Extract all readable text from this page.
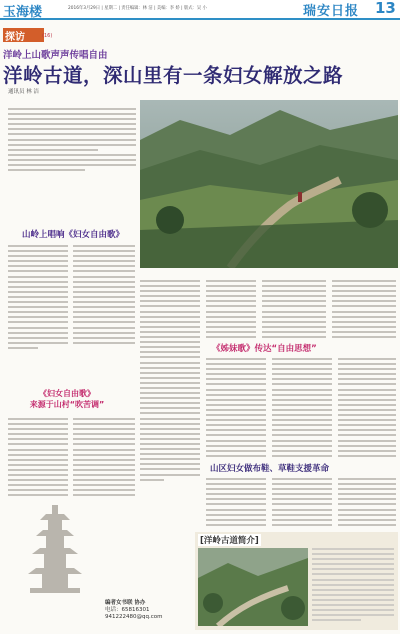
玉海楼	2016年3月29日 | 星期二 | 责任编辑：林 洁 | 美编：李 娇 | 版式：吴 小	瑞安日报 13
探访	(16)
洋岭上山歌声声传唱自由
洋岭古道，深山里有一条妇女解放之路
通讯员 林 洁
山岭上唱响《妇女自由歌》
《姊妹歌》传达“自由思想”
《妇女自由歌》
来源于山村“吹苦调”
山区妇女做布鞋、草鞋支援革命
编者女书联 协办
电话：65816301
941222480@qq.com
[洋岭古道简介]
